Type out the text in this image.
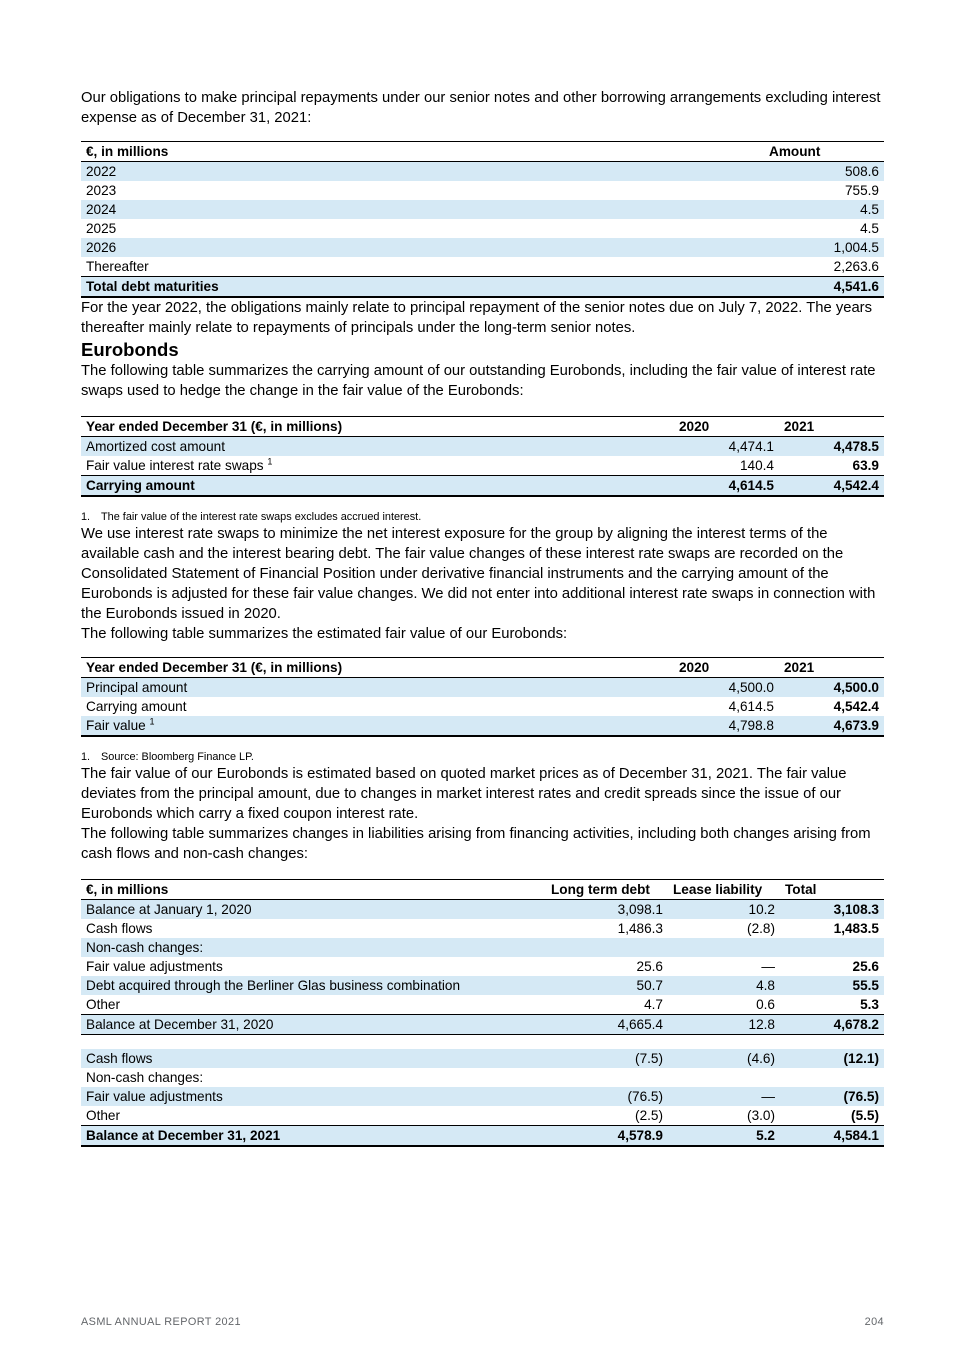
Our obligations to make principal repayments under our senior notes and other borrowing arrangements excluding interest expense as of December 31, 2021:

€, in millions	Amount
2022	508.6
2023	755.9
2024	4.5
2025	4.5
2026	1,004.5
Thereafter	2,263.6
Total debt maturities	4,541.6

For the year 2022, the obligations mainly relate to principal repayment of the senior notes due on July 7, 2022. The years thereafter mainly relate to repayments of principals under the long-term senior notes.

Eurobonds

The following table summarizes the carrying amount of our outstanding Eurobonds, including the fair value of interest rate swaps used to hedge the change in the fair value of the Eurobonds:

Year ended December 31 (€, in millions)	2020	2021
Amortized cost amount	4,474.1	4,478.5
Fair value interest rate swaps $^1$	140.4	63.9
Carrying amount	4,614.5	4,542.4
1.	The fair value of the interest rate swaps excludes accrued interest.

We use interest rate swaps to minimize the net interest exposure for the group by aligning the interest terms of the available cash and the interest bearing debt. The fair value changes of these interest rate swaps are recorded on the Consolidated Statement of Financial Position under derivative financial instruments and the carrying amount of the Eurobonds is adjusted for these fair value changes. We did not enter into additional interest rate swaps in connection with the Eurobonds issued in 2020.

The following table summarizes the estimated fair value of our Eurobonds:

Year ended December 31 (€, in millions)	2020	2021
Principal amount	4,500.0	4,500.0
Carrying amount	4,614.5	4,542.4
Fair value $^1$	4,798.8	4,673.9
1.	Source: Bloomberg Finance LP.

The fair value of our Eurobonds is estimated based on quoted market prices as of December 31, 2021. The fair value deviates from the principal amount, due to changes in market interest rates and credit spreads since the issue of our Eurobonds which carry a fixed coupon interest rate.

The following table summarizes changes in liabilities arising from financing activities, including both changes arising from cash flows and non-cash changes:

€, in millions	Long term debt	Lease liability	Total
Balance at January 1, 2020	3,098.1	10.2	3,108.3
Cash flows	1,486.3	(2.8)	1,483.5
Non-cash changes:			
Fair value adjustments	25.6	—	25.6
Debt acquired through the Berliner Glas business combination	50.7	4.8	55.5
Other	4.7	0.6	5.3
Balance at December 31, 2020	4,665.4	12.8	4,678.2

Cash flows	(7.5)	(4.6)	(12.1)
Non-cash changes:			
Fair value adjustments	(76.5)	—	(76.5)
Other	(2.5)	(3.0)	(5.5)
Balance at December 31, 2021	4,578.9	5.2	4,584.1
ASML ANNUAL REPORT 2021	204
